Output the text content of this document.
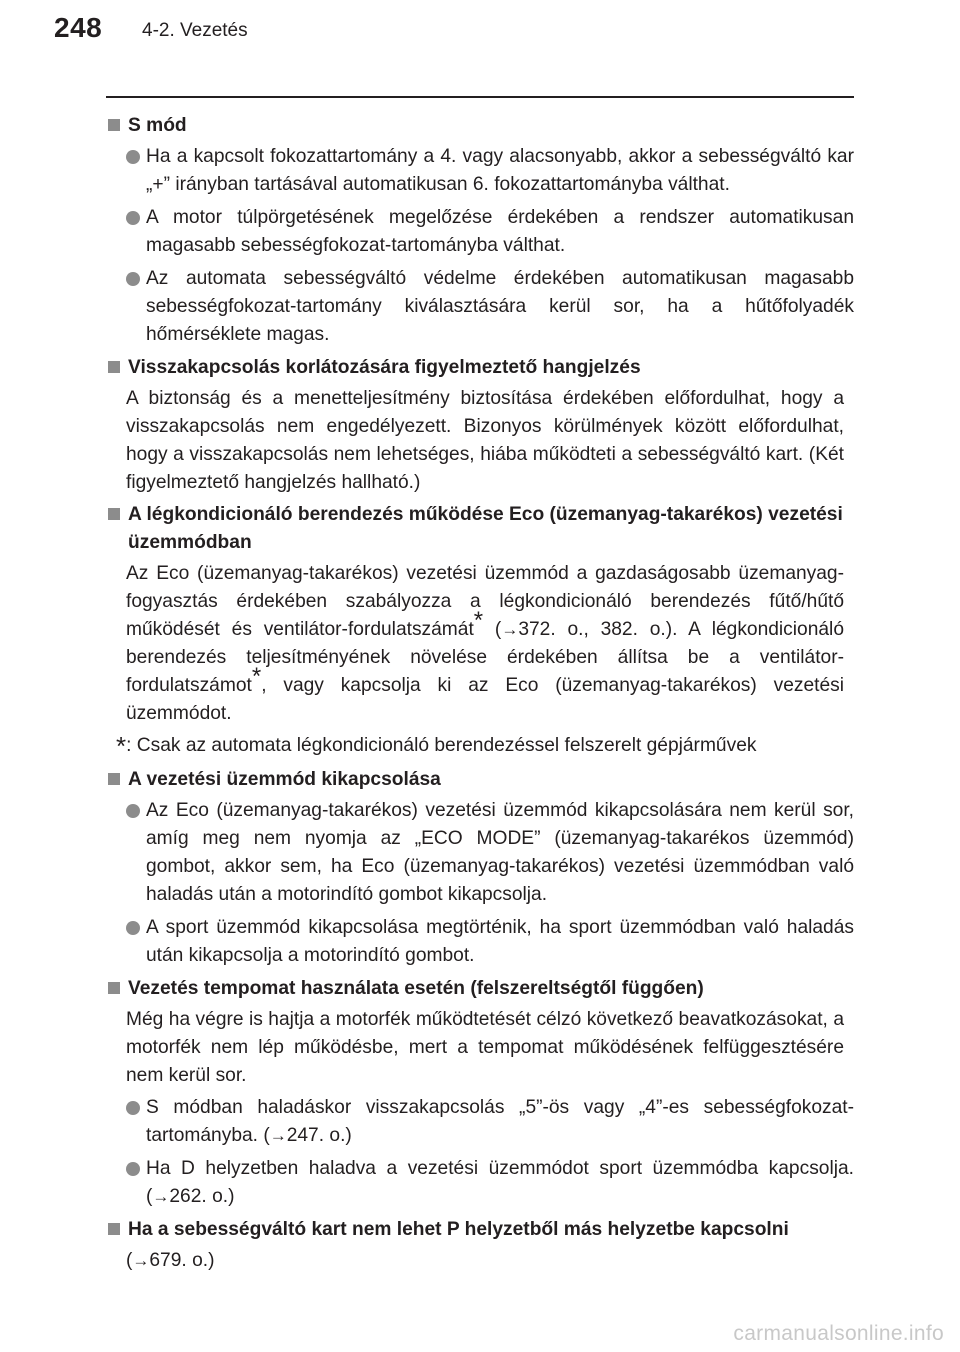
248 4-2. Vezetés
S mód
Ha a kapcsolt fokozattartomány a 4. vagy alacsonyabb, akkor a sebességváltó kar „+” irányban tartásával automatikusan 6. fokozattartományba válthat.
A motor túlpörgetésének megelőzése érdekében a rendszer automatikusan magasabb sebességfokozat-tartományba válthat.
Az automata sebességváltó védelme érdekében automatikusan magasabb sebességfokozat-tartomány kiválasztására kerül sor, ha a hűtőfolyadék hőmérséklete magas.
Visszakapcsolás korlátozására figyelmeztető hangjelzés
A biztonság és a menetteljesítmény biztosítása érdekében előfordulhat, hogy a visszakapcsolás nem engedélyezett. Bizonyos körülmények között előfordulhat, hogy a visszakapcsolás nem lehetséges, hiába működteti a sebességváltó kart. (Két figyelmeztető hangjelzés hallható.)
A légkondicionáló berendezés működése Eco (üzemanyag-takarékos) vezetési üzemmódban
Az Eco (üzemanyag-takarékos) vezetési üzemmód a gazdaságosabb üzemanyag-fogyasztás érdekében szabályozza a légkondicionáló berendezés fűtő/hűtő működését és ventilátor-fordulatszámát* (→372. o., 382. o.). A légkondicionáló berendezés teljesítményének növelése érdekében állítsa be a ventilátor-fordulatszámot*, vagy kapcsolja ki az Eco (üzemanyag-takarékos) vezetési üzemmódot.
*: Csak az automata légkondicionáló berendezéssel felszerelt gépjárművek
A vezetési üzemmód kikapcsolása
Az Eco (üzemanyag-takarékos) vezetési üzemmód kikapcsolására nem kerül sor, amíg meg nem nyomja az „ECO MODE” (üzemanyag-takarékos üzemmód) gombot, akkor sem, ha Eco (üzemanyag-takarékos) vezetési üzemmódban való haladás után a motorindító gombot kikapcsolja.
A sport üzemmód kikapcsolása megtörténik, ha sport üzemmódban való haladás után kikapcsolja a motorindító gombot.
Vezetés tempomat használata esetén (felszereltségtől függően)
Még ha végre is hajtja a motorfék működtetését célzó következő beavatkozásokat, a motorfék nem lép működésbe, mert a tempomat működésének felfüggesztésére nem kerül sor.
S módban haladáskor visszakapcsolás „5”-ös vagy „4”-es sebességfokozat-tartományba. (→247. o.)
Ha D helyzetben haladva a vezetési üzemmódot sport üzemmódba kapcsolja. (→262. o.)
Ha a sebességváltó kart nem lehet P helyzetből más helyzetbe kapcsolni
(→679. o.)
carmanualsonline.info
